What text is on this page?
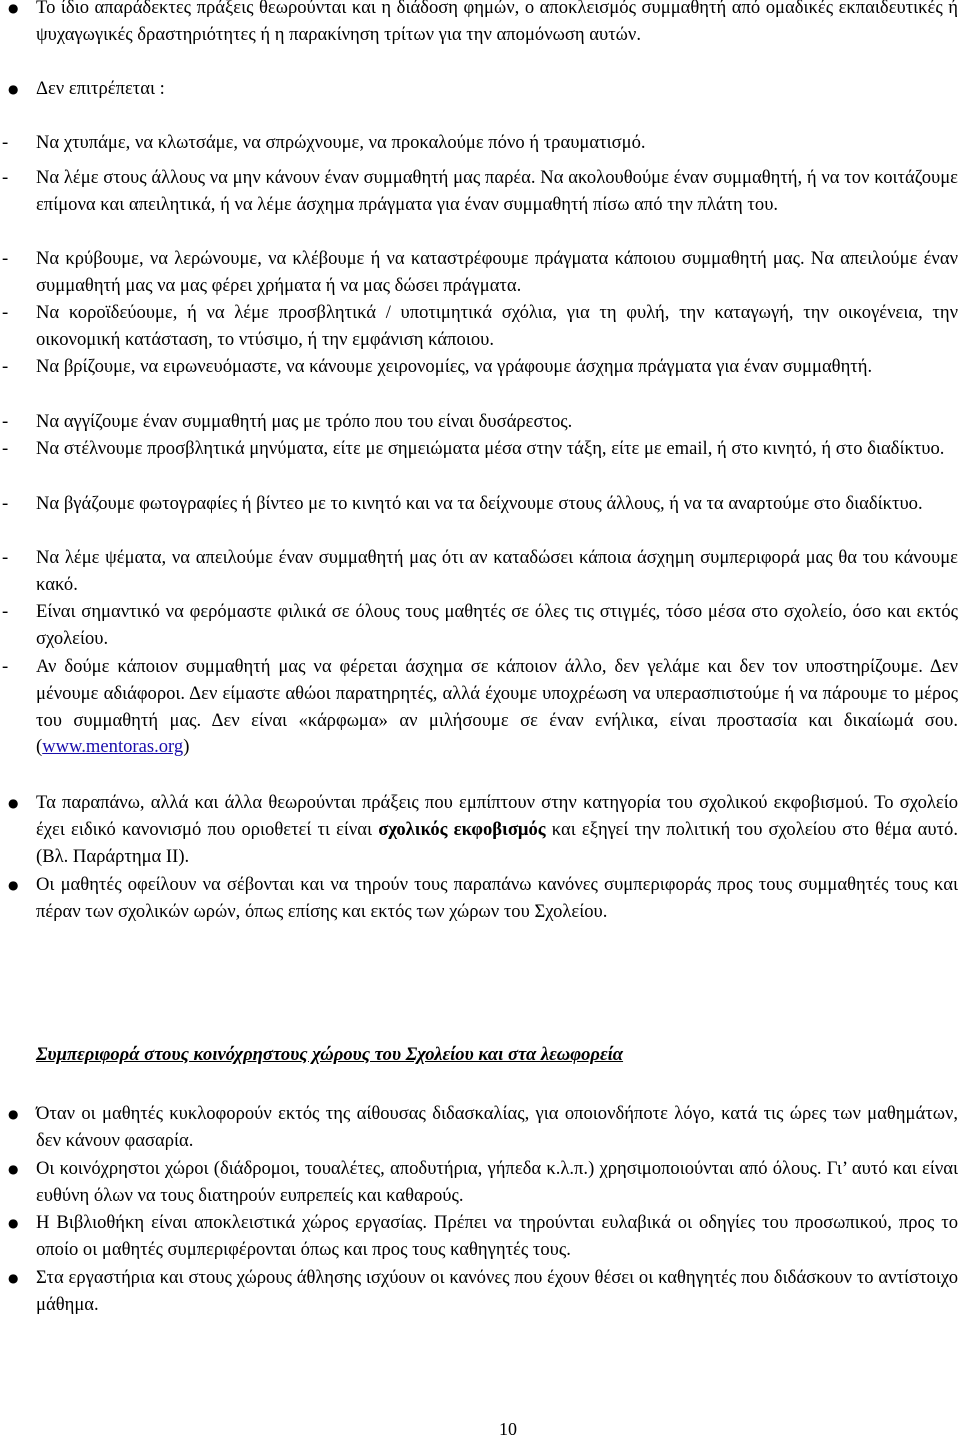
● Το ίδιο απαράδεκτες πράξεις θεωρούνται και η διάδοση φημών, ο αποκλεισμός συμμαθητή από ομαδικές εκπαιδευτικές ή ψυχαγωγικές δραστηριότητες ή η παρακίνηση τρίτων για την απομόνωση αυτών.
● Δεν επιτρέπεται :
- Να χτυπάμε, να κλωτσάμε, να σπρώχνουμε, να προκαλούμε πόνο ή τραυματισμό.
- Να λέμε στους άλλους να μην κάνουν έναν συμμαθητή μας παρέα. Να ακολουθούμε έναν συμμαθητή, ή να τον κοιτάζουμε επίμονα και απειλητικά, ή να λέμε άσχημα πράγματα για έναν συμμαθητή πίσω από την πλάτη του.
- Να κρύβουμε, να λερώνουμε, να κλέβουμε ή να καταστρέφουμε πράγματα κάποιου συμμαθητή μας. Να απειλούμε έναν συμμαθητή μας να μας φέρει χρήματα ή να μας δώσει πράγματα.
- Να κοροϊδεύουμε, ή να λέμε προσβλητικά / υποτιμητικά σχόλια, για τη φυλή, την καταγωγή, την οικογένεια, την οικονομική κατάσταση, το ντύσιμο, ή την εμφάνιση κάποιου.
- Να βρίζουμε, να ειρωνευόμαστε, να κάνουμε χειρονομίες, να γράφουμε άσχημα πράγματα για έναν συμμαθητή.
- Να αγγίζουμε έναν συμμαθητή μας με τρόπο που του είναι δυσάρεστος.
- Να στέλνουμε προσβλητικά μηνύματα, είτε με σημειώματα μέσα στην τάξη, είτε με email, ή στο κινητό, ή στο διαδίκτυο.
- Να βγάζουμε φωτογραφίες ή βίντεο με το κινητό και να τα δείχνουμε στους άλλους, ή να τα αναρτούμε στο διαδίκτυο.
- Να λέμε ψέματα, να απειλούμε έναν συμμαθητή μας ότι αν καταδώσει κάποια άσχημη συμπεριφορά μας θα του κάνουμε κακό.
- Είναι σημαντικό να φερόμαστε φιλικά σε όλους τους μαθητές σε όλες τις στιγμές, τόσο μέσα στο σχολείο, όσο και εκτός σχολείου.
- Αν δούμε κάποιον συμμαθητή μας να φέρεται άσχημα σε κάποιον άλλο, δεν γελάμε και δεν τον υποστηρίζουμε. Δεν μένουμε αδιάφοροι. Δεν είμαστε αθώοι παρατηρητές, αλλά έχουμε υποχρέωση να υπερασπιστούμε ή να πάρουμε το μέρος του συμμαθητή μας. Δεν είναι «κάρφωμα» αν μιλήσουμε σε έναν ενήλικα, είναι προστασία και δικαίωμά σου. (www.mentoras.org)
● Τα παραπάνω, αλλά και άλλα θεωρούνται πράξεις που εμπίπτουν στην κατηγορία του σχολικού εκφοβισμού. Το σχολείο έχει ειδικό κανονισμό που οριοθετεί τι είναι σχολικός εκφοβισμός και εξηγεί την πολιτική του σχολείου στο θέμα αυτό. (Βλ. Παράρτημα ΙΙ).
● Οι μαθητές οφείλουν να σέβονται και να τηρούν τους παραπάνω κανόνες συμπεριφοράς προς τους συμμαθητές τους και πέραν των σχολικών ωρών, όπως επίσης και εκτός των χώρων του Σχολείου.
Συμπεριφορά στους κοινόχρηστους χώρους του Σχολείου και στα λεωφορεία
● Όταν οι μαθητές κυκλοφορούν εκτός της αίθουσας διδασκαλίας, για οποιονδήποτε λόγο, κατά τις ώρες των μαθημάτων, δεν κάνουν φασαρία.
● Οι κοινόχρηστοι χώροι (διάδρομοι, τουαλέτες, αποδυτήρια, γήπεδα κ.λ.π.) χρησιμοποιούνται από όλους. Γι’ αυτό και είναι ευθύνη όλων να τους διατηρούν ευπρεπείς και καθαρούς.
● Η Βιβλιοθήκη είναι αποκλειστικά χώρος εργασίας. Πρέπει να τηρούνται ευλαβικά οι οδηγίες του προσωπικού, προς το οποίο οι μαθητές συμπεριφέρονται όπως και προς τους καθηγητές τους.
● Στα εργαστήρια και στους χώρους άθλησης ισχύουν οι κανόνες που έχουν θέσει οι καθηγητές που διδάσκουν το αντίστοιχο μάθημα.
10
